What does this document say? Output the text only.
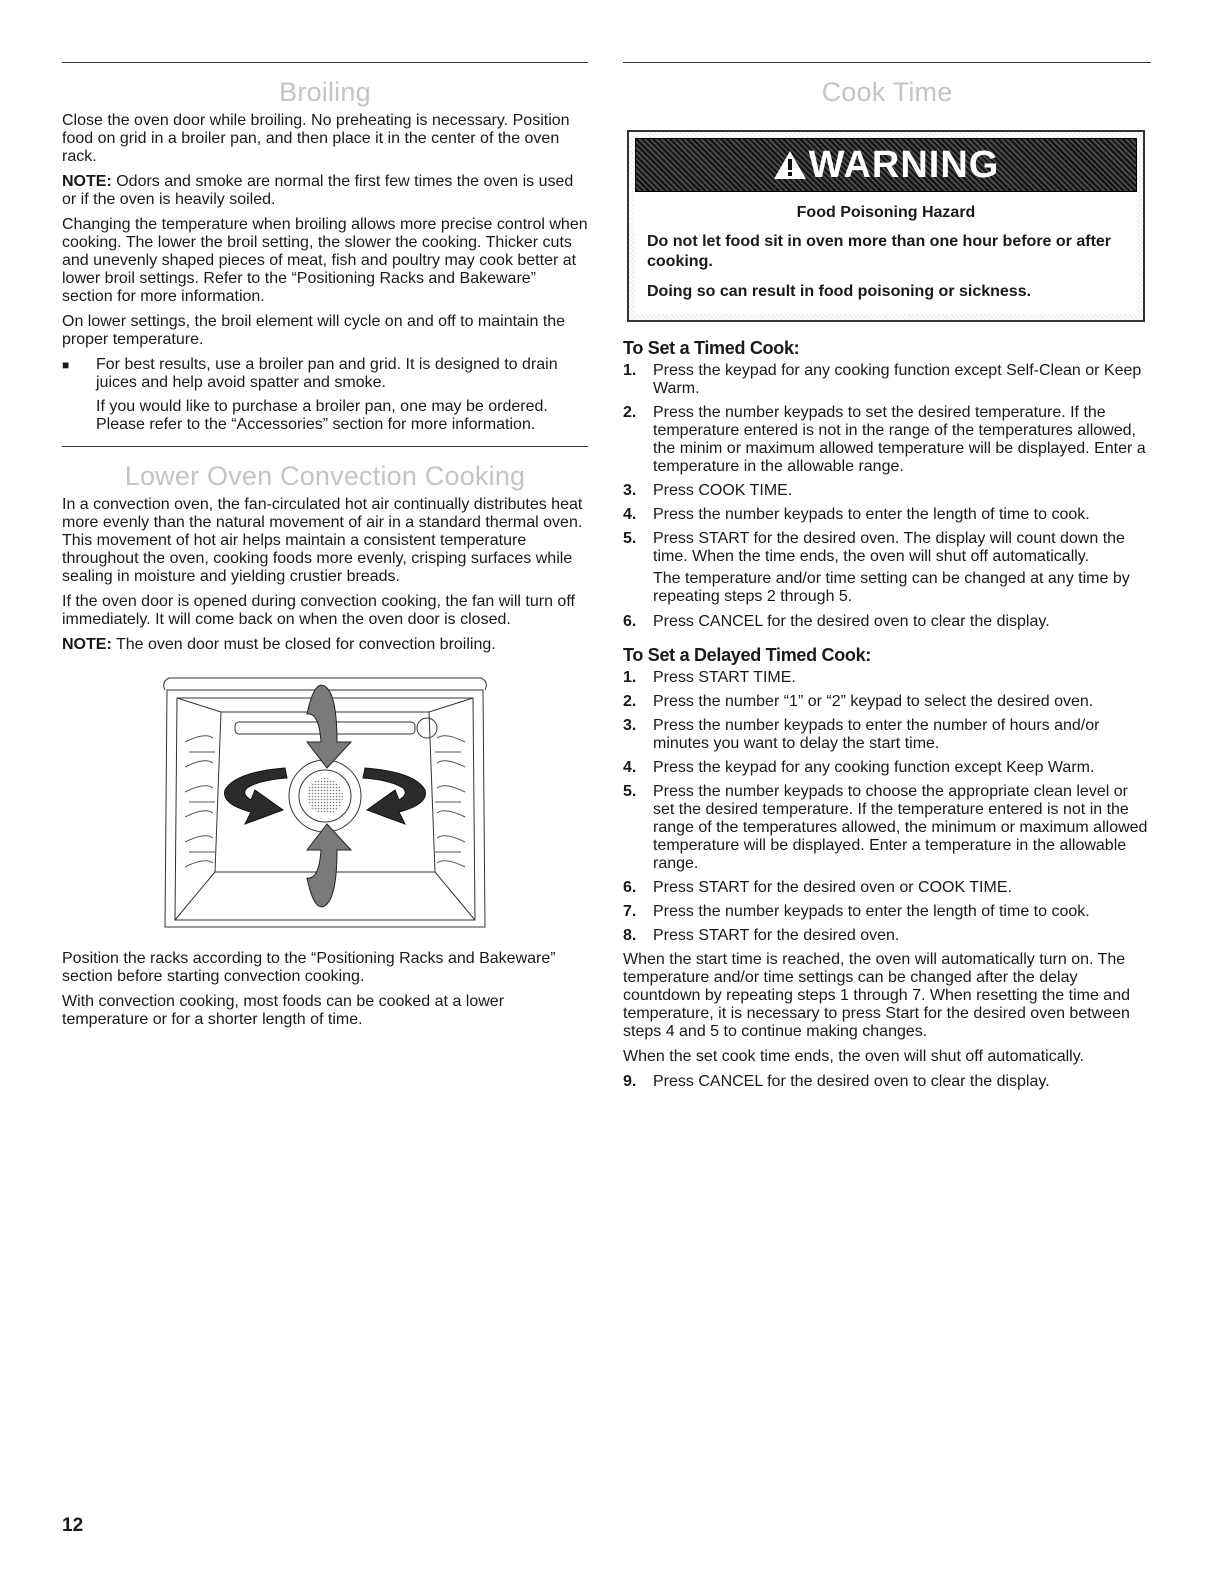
Broiling

Close the oven door while broiling. No preheating is necessary. Position food on grid in a broiler pan, and then place it in the center of the oven rack.

NOTE: Odors and smoke are normal the first few times the oven is used or if the oven is heavily soiled.

Changing the temperature when broiling allows more precise control when cooking. The lower the broil setting, the slower the cooking. Thicker cuts and unevenly shaped pieces of meat, fish and poultry may cook better at lower broil settings. Refer to the “Positioning Racks and Bakeware” section for more information.

On lower settings, the broil element will cycle on and off to maintain the proper temperature.

■	For best results, use a broiler pan and grid. It is designed to drain juices and help avoid spatter and smoke.

If you would like to purchase a broiler pan, one may be ordered. Please refer to the “Accessories” section for more information.

Lower Oven Convection Cooking

In a convection oven, the fan-circulated hot air continually distributes heat more evenly than the natural movement of air in a standard thermal oven. This movement of hot air helps maintain a consistent temperature throughout the oven, cooking foods more evenly, crisping surfaces while sealing in moisture and yielding crustier breads.

If the oven door is opened during convection cooking, the fan will turn off immediately. It will come back on when the oven door is closed.

NOTE: The oven door must be closed for convection broiling.

Position the racks according to the “Positioning Racks and Bakeware” section before starting convection cooking.

With convection cooking, most foods can be cooked at a lower temperature or for a shorter length of time.

Cook Time
WARNING
Food Poisoning Hazard

Do not let food sit in oven more than one hour before or after cooking.

Doing so can result in food poisoning or sickness.

To Set a Timed Cook:
1.	Press the keypad for any cooking function except Self-Clean or Keep Warm.
2.	Press the number keypads to set the desired temperature. If the temperature entered is not in the range of the temperatures allowed, the minim or maximum allowed temperature will be displayed. Enter a temperature in the allowable range.
3.	Press COOK TIME.
4.	Press the number keypads to enter the length of time to cook.
5.	Press START for the desired oven. The display will count down the time. When the time ends, the oven will shut off automatically.
The temperature and/or time setting can be changed at any time by repeating steps 2 through 5.
6.	Press CANCEL for the desired oven to clear the display.
To Set a Delayed Timed Cook:
1.	Press START TIME.
2.	Press the number “1” or “2” keypad to select the desired oven.
3.	Press the number keypads to enter the number of hours and/or minutes you want to delay the start time.
4.	Press the keypad for any cooking function except Keep Warm.
5.	Press the number keypads to choose the appropriate clean level or set the desired temperature. If the temperature entered is not in the range of the temperatures allowed, the minimum or maximum allowed temperature will be displayed. Enter a temperature in the allowable range.
6.	Press START for the desired oven or COOK TIME.
7.	Press the number keypads to enter the length of time to cook.
8.	Press START for the desired oven.

When the start time is reached, the oven will automatically turn on. The temperature and/or time settings can be changed after the delay countdown by repeating steps 1 through 7. When resetting the time and temperature, it is necessary to press Start for the desired oven between steps 4 and 5 to continue making changes.

When the set cook time ends, the oven will shut off automatically.

9.	Press CANCEL for the desired oven to clear the display.
12
